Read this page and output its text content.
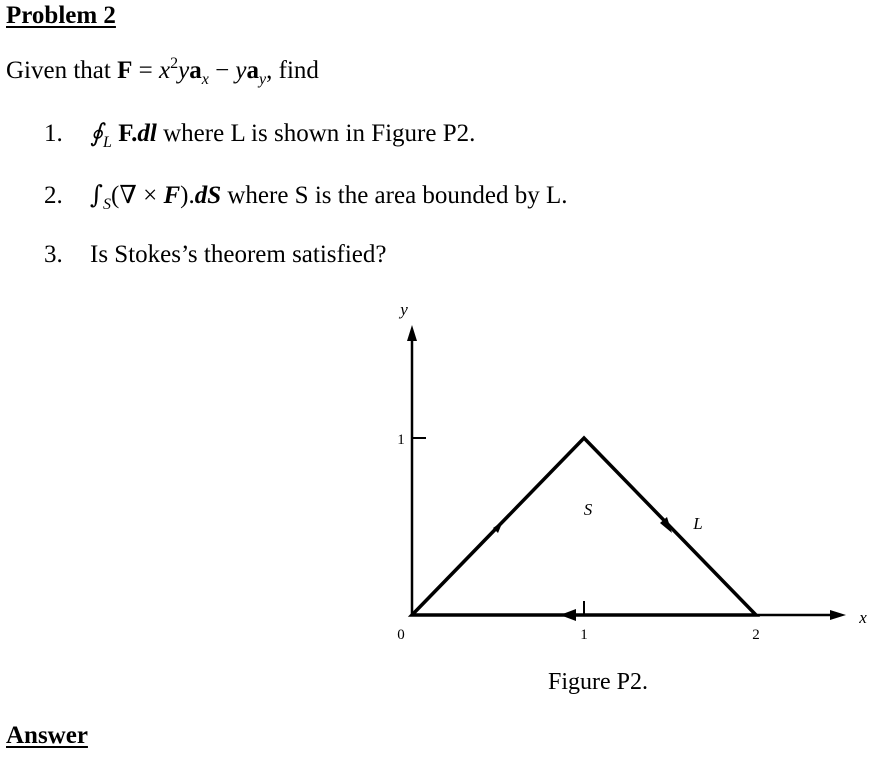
Problem 2
Given that $F = x^2ya_x - ya_y$, find
1. $∮_L$ F.dl where L is shown in Figure P2.
2. $\int_S(\nabla \times F).dS$ where S is the area bounded by L.
3. Is Stokes’s theorem satisfied?
y
x
0
1
1	2
S
L
Figure P2.
Answer
